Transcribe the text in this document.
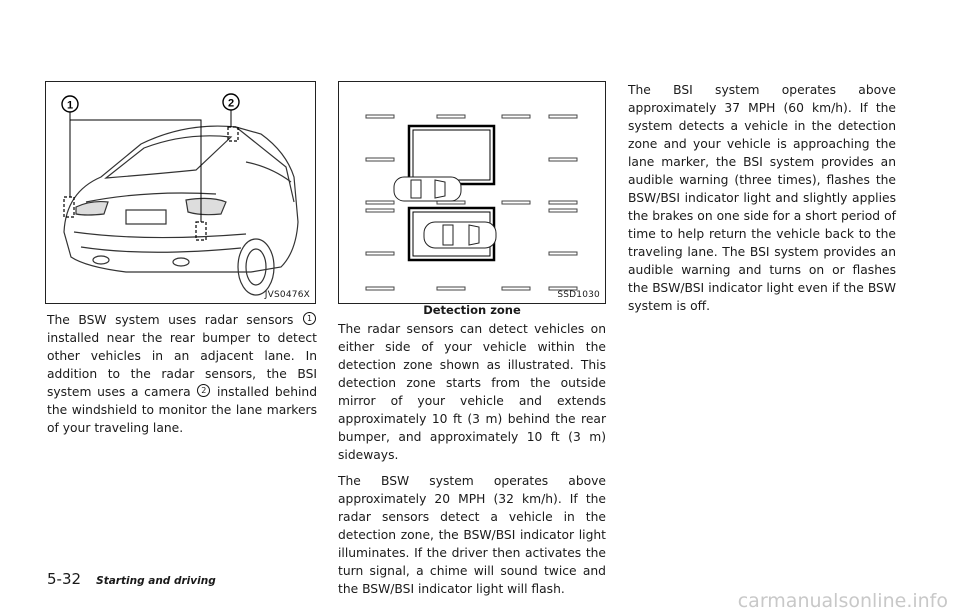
1	2
JVS0476X	SSD1030
Detection zone

The BSW system uses radar sensors 1 installed near the rear bumper to detect other vehicles in an adjacent lane. In addition to the radar sensors, the BSI system uses a camera 2 installed behind the windshield to monitor the lane markers of your traveling lane.

The radar sensors can detect vehicles on either side of your vehicle within the detection zone shown as illustrated. This detection zone starts from the outside mirror of your vehicle and extends approximately 10 ft (3 m) behind the rear bumper, and approximately 10 ft (3 m) sideways.

The BSW system operates above approximately 20 MPH (32 km/h). If the radar sensors detect a vehicle in the detection zone, the BSW/BSI indicator light illuminates. If the driver then activates the turn signal, a chime will sound twice and the BSW/BSI indicator light will flash.

The BSI system operates above approximately 37 MPH (60 km/h). If the system detects a vehicle in the detection zone and your vehicle is approaching the lane marker, the BSI system provides an audible warning (three times), flashes the BSW/BSI indicator light and slightly applies the brakes on one side for a short period of time to help return the vehicle back to the traveling lane. The BSI system provides an audible warning and turns on or flashes the BSW/BSI indicator light even if the BSW system is off.

5-32 Starting and driving
carmanualsonline.info
